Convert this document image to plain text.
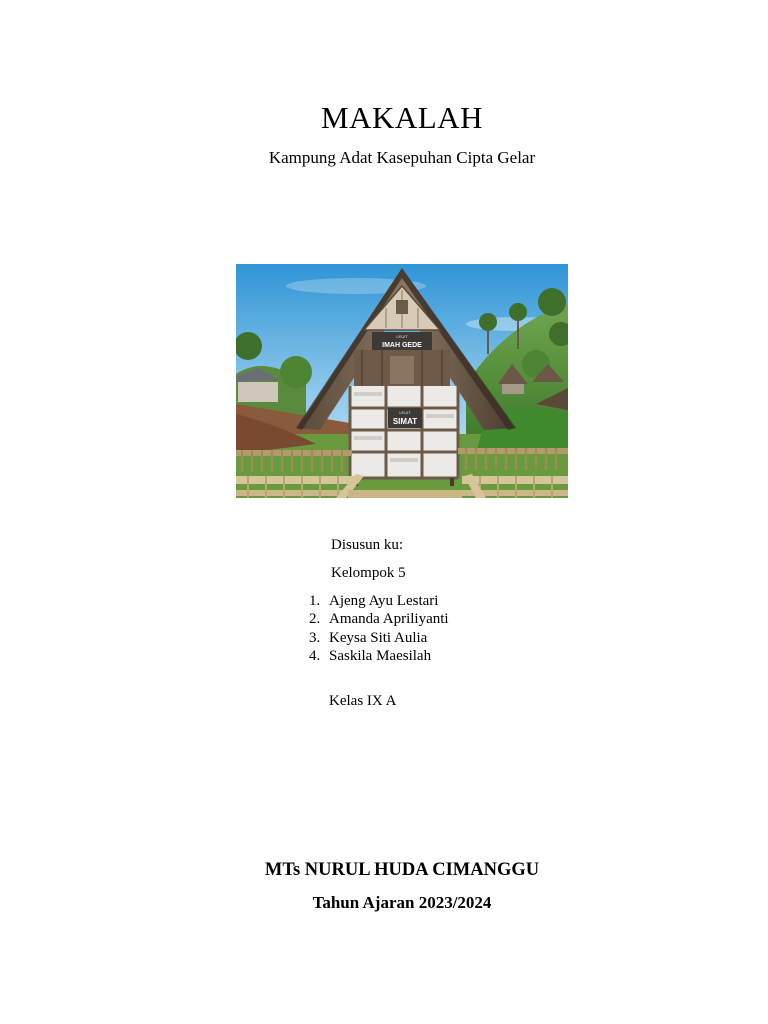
MAKALAH
Kampung Adat Kasepuhan Cipta Gelar
LEUIT
IMAH GEDE
LEUIT
SIMAT
Disusun ku:
Kelompok 5
1. Ajeng Ayu Lestari
2. Amanda Apriliyanti
3. Keysa Siti Aulia
4. Saskila Maesilah
Kelas IX A
MTs NURUL HUDA CIMANGGU
Tahun Ajaran 2023/2024
